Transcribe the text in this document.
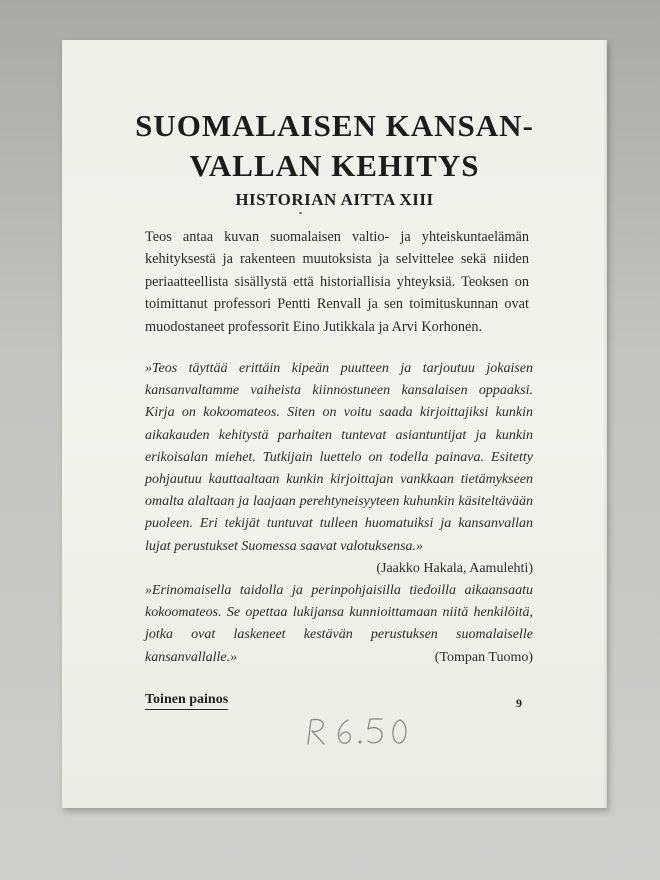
SUOMALAISEN KANSAN-
VALLAN KEHITYS
HISTORIAN AITTA XIII

Teos antaa kuvan suomalaisen valtio- ja yhteiskuntaelämän kehityksestä ja rakenteen muutoksista ja selvittelee sekä niiden periaatteellista sisällystä että historiallisia yhteyksiä. Teoksen on toimittanut professori Pentti Renvall ja sen toimituskunnan ovat muodostaneet professorit Eino Jutikkala ja Arvi Korhonen.

»Teos täyttää erittäin kipeän puutteen ja tarjoutuu jokaisen kansanvaltamme vaiheista kiinnostuneen kansalaisen oppaaksi. Kirja on kokoomateos. Siten on voitu saada kirjoittajiksi kunkin aikakauden kehitystä parhaiten tuntevat asiantuntijat ja kunkin erikoisalan miehet. Tutkijain luettelo on todella painava. Esitetty pohjautuu kauttaaltaan kunkin kirjoittajan vankkaan tietämykseen omalta alaltaan ja laajaan perehtyneisyyteen kuhunkin käsiteltävään puoleen. Eri tekijät tuntuvat tulleen huomatuiksi ja kansanvallan lujat perustukset Suomessa saavat valotuksensa.»
(Jaakko Hakala, Aamulehti)

»Erinomaisella taidolla ja perinpohjaisilla tiedoilla aikaansaatu kokoomateos. Se opettaa lukijansa kunnioittamaan niitä henkilöitä, jotka ovat laskeneet kestävän perustuksen suomalaiselle kansanvallalle.»	(Tompan Tuomo)

Toinen painos	9
